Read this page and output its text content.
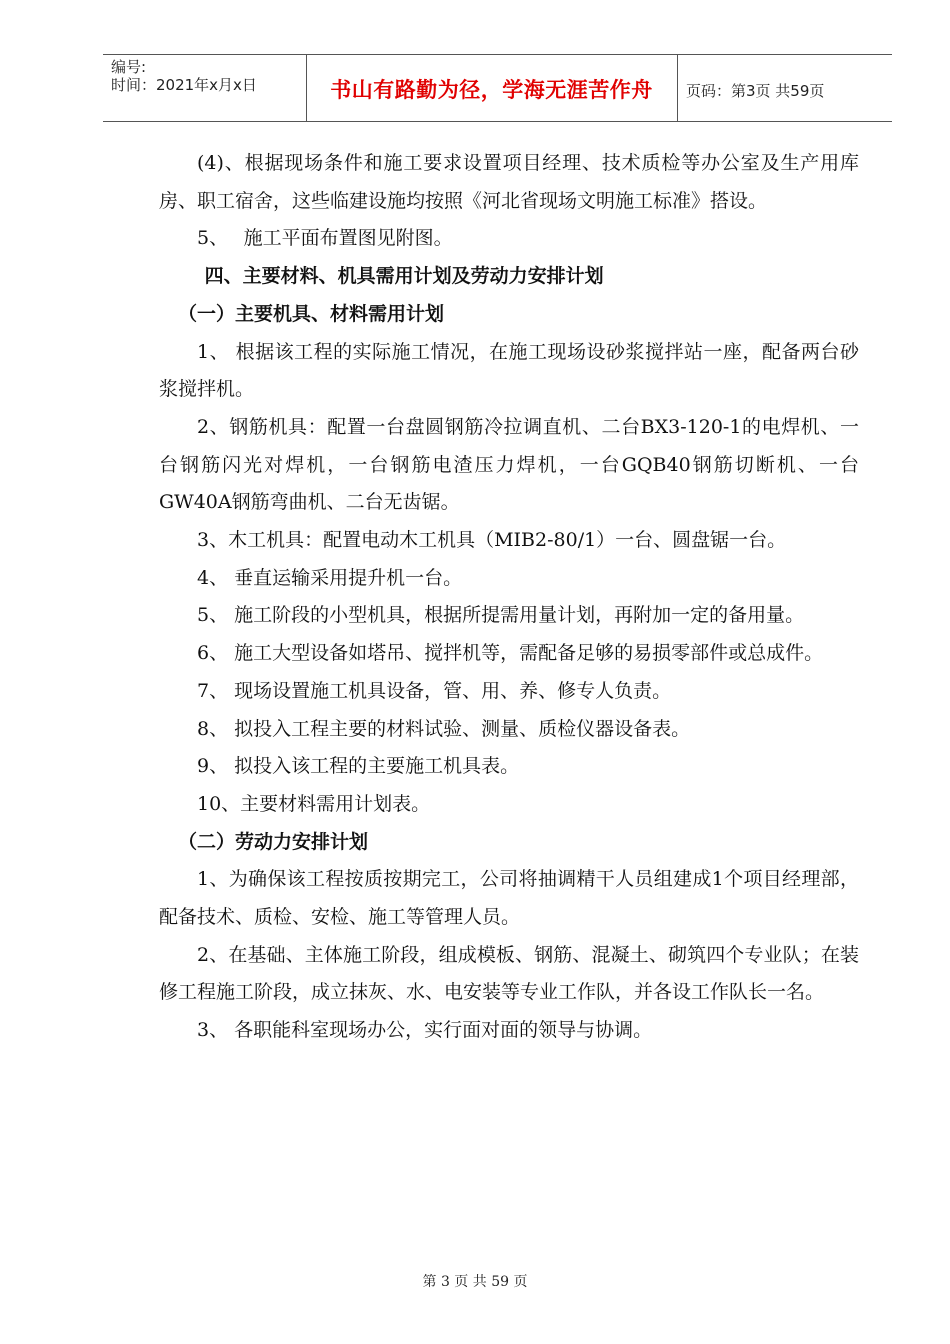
编号:
时间：2021年x月x日	书山有路勤为径，学海无涯苦作舟	页码：第3页 共59页

(4)、根据现场条件和施工要求设置项目经理、技术质检等办公室及生产用库房、职工宿舍，这些临建设施均按照《河北省现场文明施工标准》搭设。

5、　 施工平面布置图见附图。

四、主要材料、机具需用计划及劳动力安排计划

（一）主要机具、材料需用计划

1、 根据该工程的实际施工情况，在施工现场设砂浆搅拌站一座，配备两台砂浆搅拌机。

2、钢筋机具：配置一台盘圆钢筋冷拉调直机、二台BX3-120-1的电焊机、一台钢筋闪光对焊机，一台钢筋电渣压力焊机，一台GQB40钢筋切断机、一台GW40A钢筋弯曲机、二台无齿锯。

3、木工机具：配置电动木工机具（MIB2-80/1）一台、圆盘锯一台。

4、 垂直运输采用提升机一台。

5、 施工阶段的小型机具，根据所提需用量计划，再附加一定的备用量。

6、 施工大型设备如塔吊、搅拌机等，需配备足够的易损零部件或总成件。

7、 现场设置施工机具设备，管、用、养、修专人负责。

8、 拟投入工程主要的材料试验、测量、质检仪器设备表。

9、 拟投入该工程的主要施工机具表。

10、主要材料需用计划表。

（二）劳动力安排计划

1、为确保该工程按质按期完工，公司将抽调精干人员组建成1个项目经理部，配备技术、质检、安检、施工等管理人员。

2、在基础、主体施工阶段，组成模板、钢筋、混凝土、砌筑四个专业队；在装修工程施工阶段，成立抹灰、水、电安装等专业工作队，并各设工作队长一名。

3、 各职能科室现场办公，实行面对面的领导与协调。

第 3 页 共 59 页
